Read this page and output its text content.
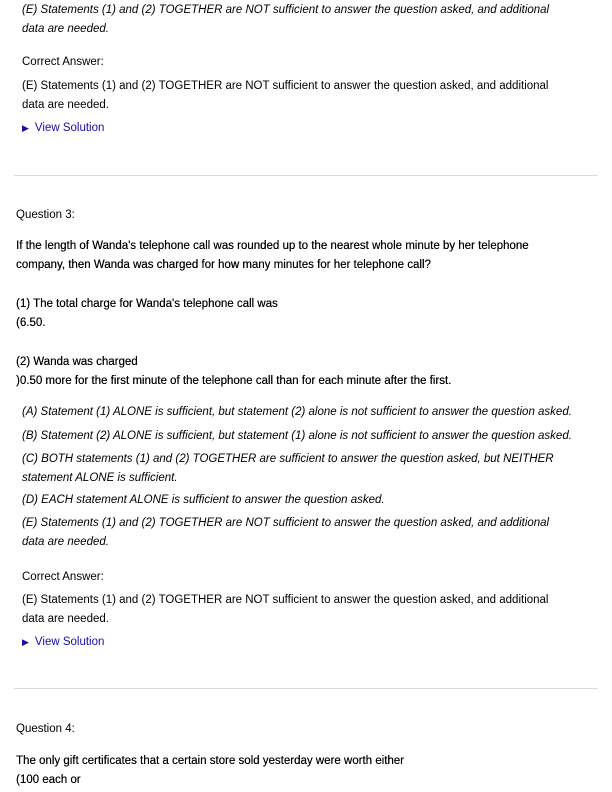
(E) Statements (1) and (2) TOGETHER are NOT sufficient to answer the question asked, and additional
data are needed.
Correct Answer:
(E) Statements (1) and (2) TOGETHER are NOT sufficient to answer the question asked, and additional
data are needed.
▶ View Solution
Question 3:
If the length of Wanda's telephone call was rounded up to the nearest whole minute by her telephone
company, then Wanda was charged for how many minutes for her telephone call?
(1) The total charge for Wanda's telephone call was
(6.50.
(2) Wanda was charged
)0.50 more for the first minute of the telephone call than for each minute after the first.
(A) Statement (1) ALONE is sufficient, but statement (2) alone is not sufficient to answer the question asked.
(B) Statement (2) ALONE is sufficient, but statement (1) alone is not sufficient to answer the question asked.
(C) BOTH statements (1) and (2) TOGETHER are sufficient to answer the question asked, but NEITHER
statement ALONE is sufficient.
(D) EACH statement ALONE is sufficient to answer the question asked.
(E) Statements (1) and (2) TOGETHER are NOT sufficient to answer the question asked, and additional
data are needed.
Correct Answer:
(E) Statements (1) and (2) TOGETHER are NOT sufficient to answer the question asked, and additional
data are needed.
▶ View Solution
Question 4:
The only gift certificates that a certain store sold yesterday were worth either
(100 each or
